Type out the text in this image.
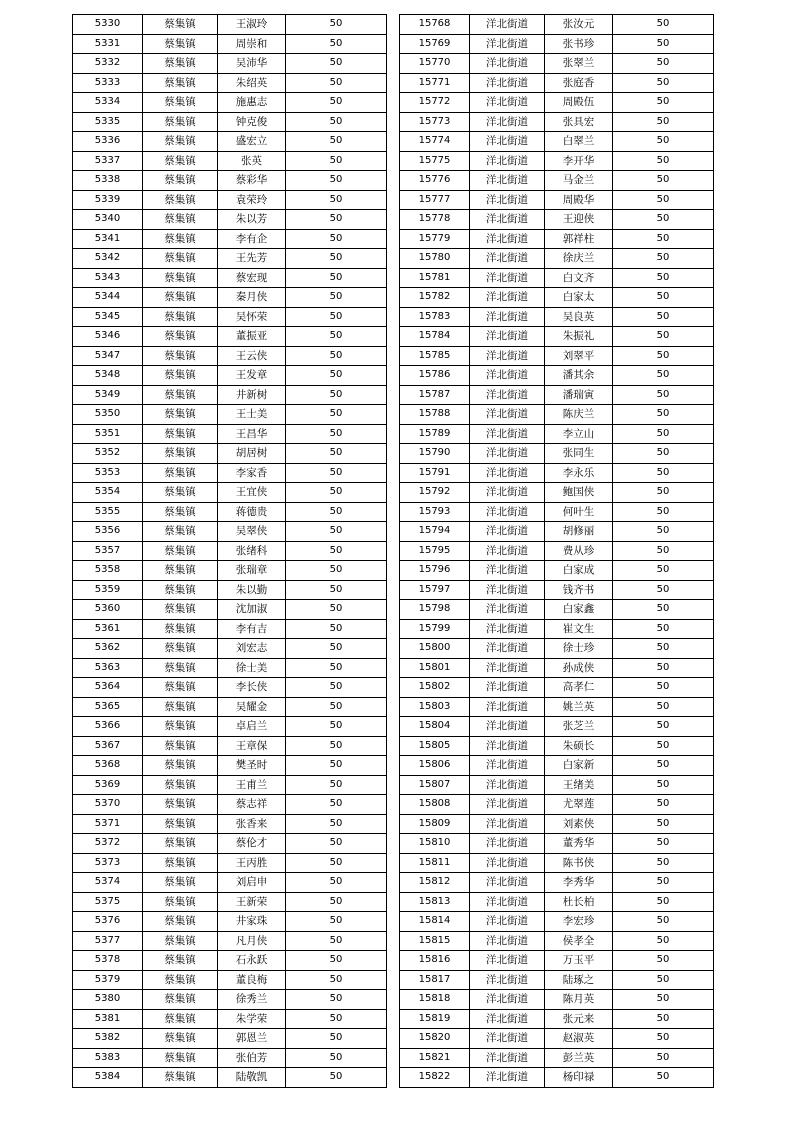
5330	蔡集镇	王淑玲	50
5331	蔡集镇	周崇和	50
5332	蔡集镇	吴沛华	50
5333	蔡集镇	朱绍英	50
5334	蔡集镇	施惠志	50
5335	蔡集镇	钟克俊	50
5336	蔡集镇	盛宏立	50
5337	蔡集镇	张英	50
5338	蔡集镇	蔡彩华	50
5339	蔡集镇	袁荣玲	50
5340	蔡集镇	朱以芳	50
5341	蔡集镇	李有企	50
5342	蔡集镇	王先芳	50
5343	蔡集镇	蔡宏现	50
5344	蔡集镇	秦月侠	50
5345	蔡集镇	吴怀荣	50
5346	蔡集镇	董振亚	50
5347	蔡集镇	王云侠	50
5348	蔡集镇	王发章	50
5349	蔡集镇	井新树	50
5350	蔡集镇	王士美	50
5351	蔡集镇	王昌华	50
5352	蔡集镇	胡居树	50
5353	蔡集镇	李家香	50
5354	蔡集镇	王宜侠	50
5355	蔡集镇	蒋德贵	50
5356	蔡集镇	吴翠侠	50
5357	蔡集镇	张绪科	50
5358	蔡集镇	张瑞章	50
5359	蔡集镇	朱以勤	50
5360	蔡集镇	沈加淑	50
5361	蔡集镇	李有吉	50
5362	蔡集镇	刘宏志	50
5363	蔡集镇	徐士美	50
5364	蔡集镇	李长侠	50
5365	蔡集镇	吴耀金	50
5366	蔡集镇	卓启兰	50
5367	蔡集镇	王章保	50
5368	蔡集镇	樊圣时	50
5369	蔡集镇	王甫兰	50
5370	蔡集镇	蔡志祥	50
5371	蔡集镇	张香来	50
5372	蔡集镇	蔡伦才	50
5373	蔡集镇	王丙胜	50
5374	蔡集镇	刘启申	50
5375	蔡集镇	王新荣	50
5376	蔡集镇	井家珠	50
5377	蔡集镇	凡月侠	50
5378	蔡集镇	石永跃	50
5379	蔡集镇	董良梅	50
5380	蔡集镇	徐秀兰	50
5381	蔡集镇	朱学荣	50
5382	蔡集镇	郭恩兰	50
5383	蔡集镇	张伯芳	50
5384	蔡集镇	陆敬凯	50
15768	洋北街道	张汝元	50
15769	洋北街道	张书珍	50
15770	洋北街道	张翠兰	50
15771	洋北街道	张庭香	50
15772	洋北街道	周殿伍	50
15773	洋北街道	张具宏	50
15774	洋北街道	白翠兰	50
15775	洋北街道	李开华	50
15776	洋北街道	马金兰	50
15777	洋北街道	周殿华	50
15778	洋北街道	王迎侠	50
15779	洋北街道	郭祥柱	50
15780	洋北街道	徐庆兰	50
15781	洋北街道	白文齐	50
15782	洋北街道	白家太	50
15783	洋北街道	吴良英	50
15784	洋北街道	朱振礼	50
15785	洋北街道	刘翠平	50
15786	洋北街道	潘其余	50
15787	洋北街道	潘瑞寅	50
15788	洋北街道	陈庆兰	50
15789	洋北街道	李立山	50
15790	洋北街道	张同生	50
15791	洋北街道	李永乐	50
15792	洋北街道	鲍国侠	50
15793	洋北街道	何叶生	50
15794	洋北街道	胡修丽	50
15795	洋北街道	费从珍	50
15796	洋北街道	白家成	50
15797	洋北街道	钱齐书	50
15798	洋北街道	白家鑫	50
15799	洋北街道	崔文生	50
15800	洋北街道	徐士珍	50
15801	洋北街道	孙成侠	50
15802	洋北街道	高孝仁	50
15803	洋北街道	姚兰英	50
15804	洋北街道	张芝兰	50
15805	洋北街道	朱硕长	50
15806	洋北街道	白家新	50
15807	洋北街道	王绪美	50
15808	洋北街道	尤翠莲	50
15809	洋北街道	刘素侠	50
15810	洋北街道	董秀华	50
15811	洋北街道	陈书侠	50
15812	洋北街道	李秀华	50
15813	洋北街道	杜长柏	50
15814	洋北街道	李宏珍	50
15815	洋北街道	侯孝全	50
15816	洋北街道	万玉平	50
15817	洋北街道	陆琢之	50
15818	洋北街道	陈月英	50
15819	洋北街道	张元来	50
15820	洋北街道	赵淑英	50
15821	洋北街道	彭兰英	50
15822	洋北街道	杨印禄	50
